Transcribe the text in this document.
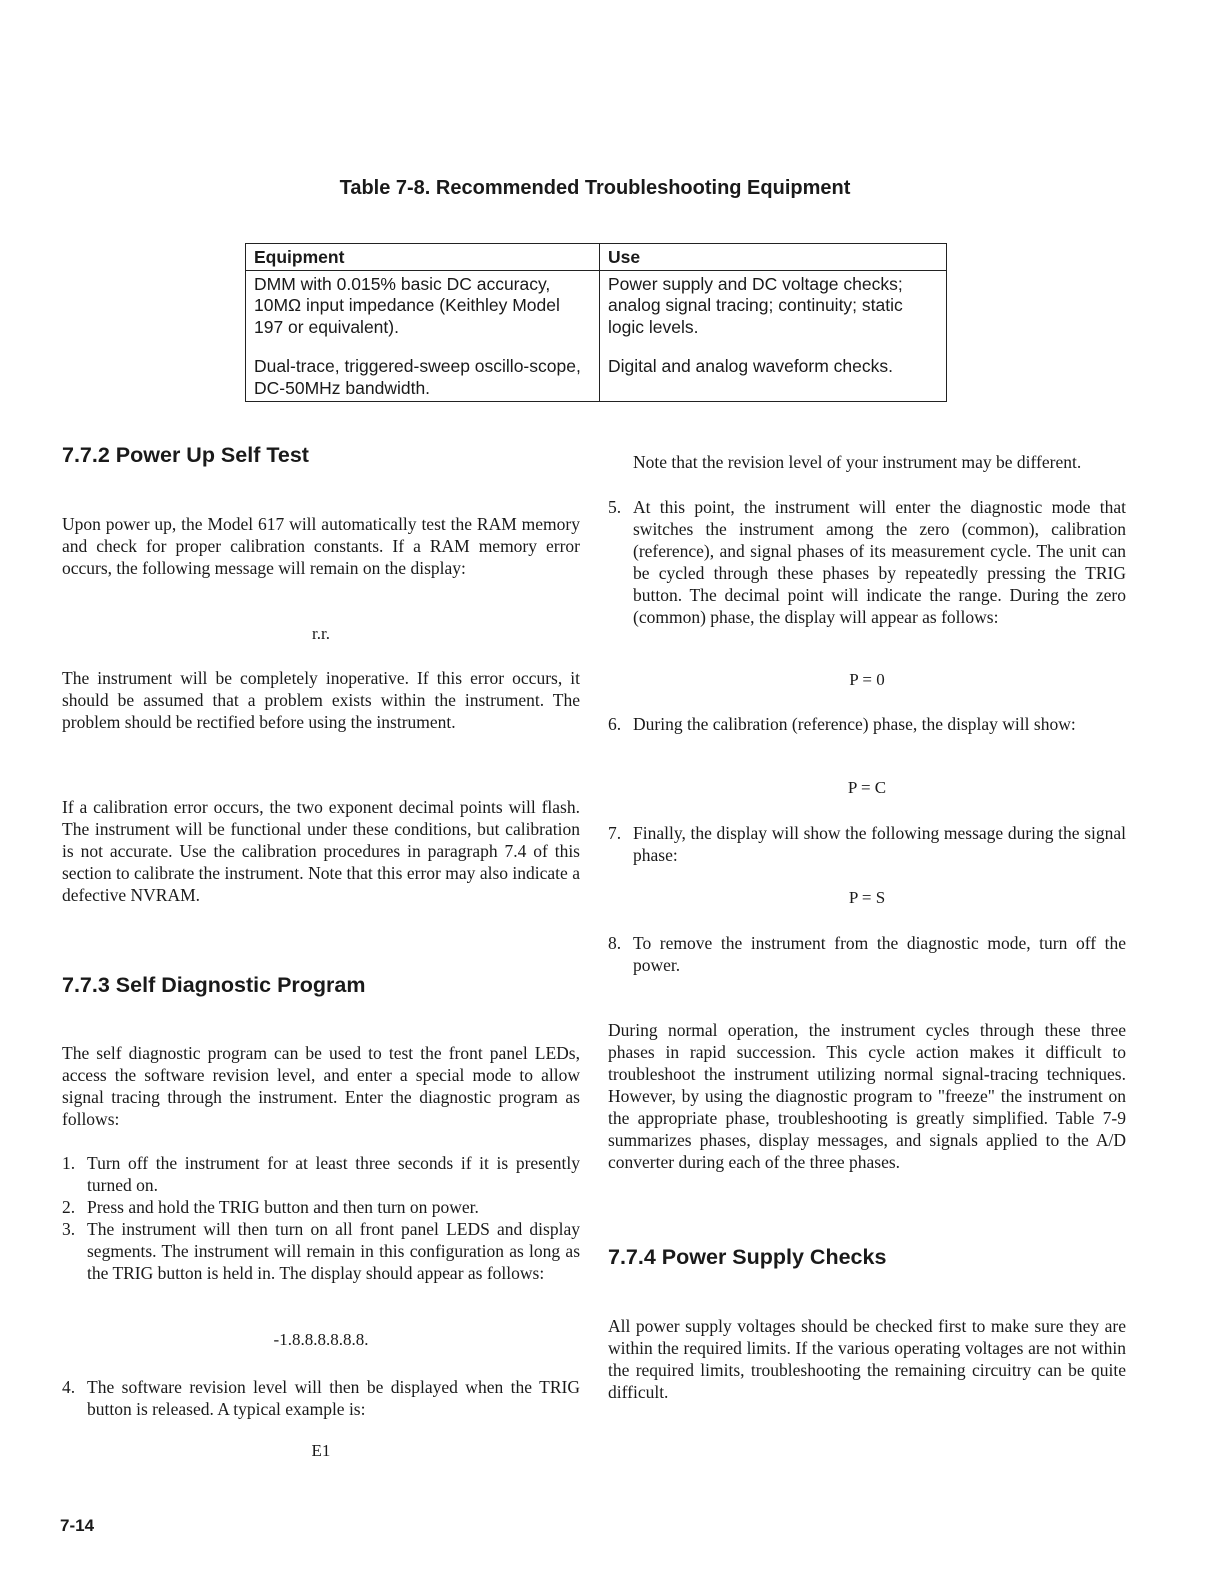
Table 7-8. Recommended Troubleshooting Equipment
Equipment	Use
DMM with 0.015% basic DC accuracy, 10MΩ input impedance (Keithley Model 197 or equivalent).	Power supply and DC voltage checks; analog signal tracing; continuity; static logic levels.
Dual-trace, triggered-sweep oscillo-scope, DC-50MHz bandwidth.	Digital and analog waveform checks.
7.7.2 Power Up Self Test

Upon power up, the Model 617 will automatically test the RAM memory and check for proper calibration constants. If a RAM memory error occurs, the following message will remain on the display:

r.r.

The instrument will be completely inoperative. If this error occurs, it should be assumed that a problem exists within the instrument. The problem should be rectified before using the instrument.

If a calibration error occurs, the two exponent decimal points will flash. The instrument will be functional under these conditions, but calibration is not accurate. Use the calibration procedures in paragraph 7.4 of this section to calibrate the instrument. Note that this error may also indicate a defective NVRAM.

7.7.3 Self Diagnostic Program

The self diagnostic program can be used to test the front panel LEDs, access the software revision level, and enter a special mode to allow signal tracing through the instrument. Enter the diagnostic program as follows:

1. Turn off the instrument for at least three seconds if it is presently turned on.
2. Press and hold the TRIG button and then turn on power.
3. The instrument will then turn on all front panel LEDS and display segments. The instrument will remain in this configuration as long as the TRIG button is held in. The display should appear as follows:
-1.8.8.8.8.8.8.
4. The software revision level will then be displayed when the TRIG button is released. A typical example is:
E1

Note that the revision level of your instrument may be different.

5. At this point, the instrument will enter the diagnostic mode that switches the instrument among the zero (common), calibration (reference), and signal phases of its measurement cycle. The unit can be cycled through these phases by repeatedly pressing the TRIG button. The decimal point will indicate the range. During the zero (common) phase, the display will appear as follows:
P = 0
6. During the calibration (reference) phase, the display will show:
P = C
7. Finally, the display will show the following message during the signal phase:
P = S
8. To remove the instrument from the diagnostic mode, turn off the power.

During normal operation, the instrument cycles through these three phases in rapid succession. This cycle action makes it difficult to troubleshoot the instrument utilizing normal signal-tracing techniques. However, by using the diagnostic program to "freeze" the instrument on the appropriate phase, troubleshooting is greatly simplified. Table 7-9 summarizes phases, display messages, and signals applied to the A/D converter during each of the three phases.

7.7.4 Power Supply Checks

All power supply voltages should be checked first to make sure they are within the required limits. If the various operating voltages are not within the required limits, troubleshooting the remaining circuitry can be quite difficult.

7-14
